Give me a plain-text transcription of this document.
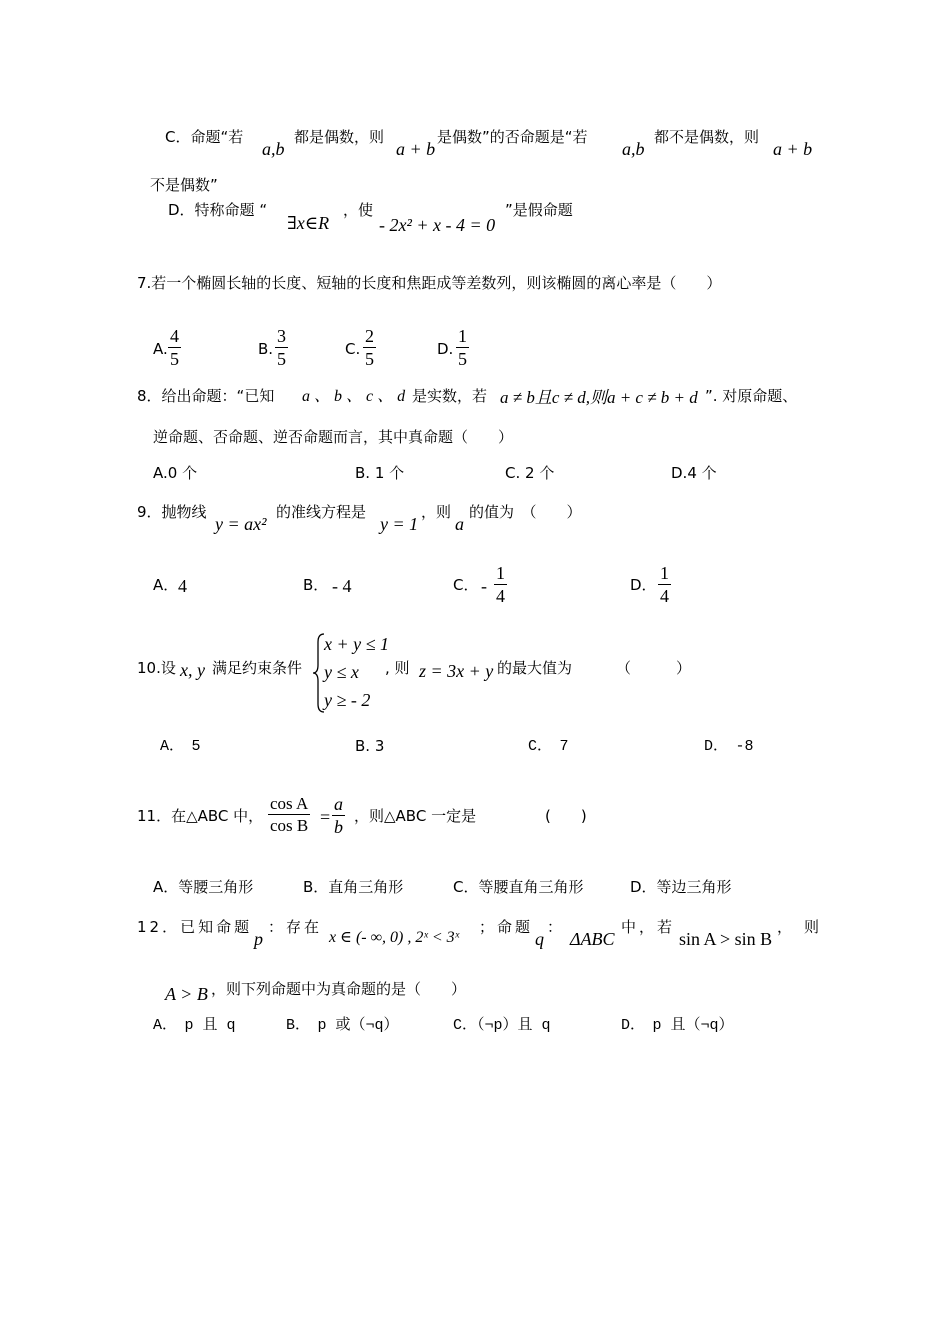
C．命题“若
a,b
都是偶数，则
a + b
是偶数”的否命题是“若
a,b
都不是偶数，则
a + b
不是偶数”
D．特称命题 “
∃x∈R
，使
- 2x² + x - 4 = 0
”是假命题
7.若一个椭圆长轴的长度、短轴的长度和焦距成等差数列，则该椭圆的离心率是（　　）
A. $\frac{4}{5}$	B. $\frac{3}{5}$	C. $\frac{2}{5}$	D. $\frac{1}{5}$
8．给出命题：“已知 a 、 b 、 c 、 d 是实数，若 a ≠ b且c ≠ d,则a + c ≠ b + d ”. 对原命题、
逆命题、否命题、逆否命题而言，其中真命题（　　）
A.0 个	B. 1 个	C. 2 个	D.4 个
9．抛物线
y = ax²
的准线方程是
y = 1
，则
a
的值为　（　　）
A． 4	B． - 4	C． - $\frac{1}{4}$	D． $\frac{1}{4}$
10.设 x, y 满足约束条件
x + y ≤ 1
y ≤ x
y ≥ - 2
, 则 z = 3x + y 的最大值为	（　　　）
A．　5	B. 3	C．　7	D．　-8
11．在△ABC 中， $\frac{\text{cos A}}{\text{cos B}} = \frac{a}{b}$ ，则△ABC 一定是	(　　)
A．等腰三角形	B．直角三角形	C．等腰直角三角形	D．等边三角形
12．已知命题
p
：存在
x ∈ (- ∞, 0) , 2ˣ < 3ˣ
；命题
q
：
ΔABC
中，若
sin A > sin B
，则
A > B ，则下列命题中为真命题的是（　　）
A．　p 且 q	B．　p 或（¬q）	C．（¬p）且 q	D．　p 且（¬q）
